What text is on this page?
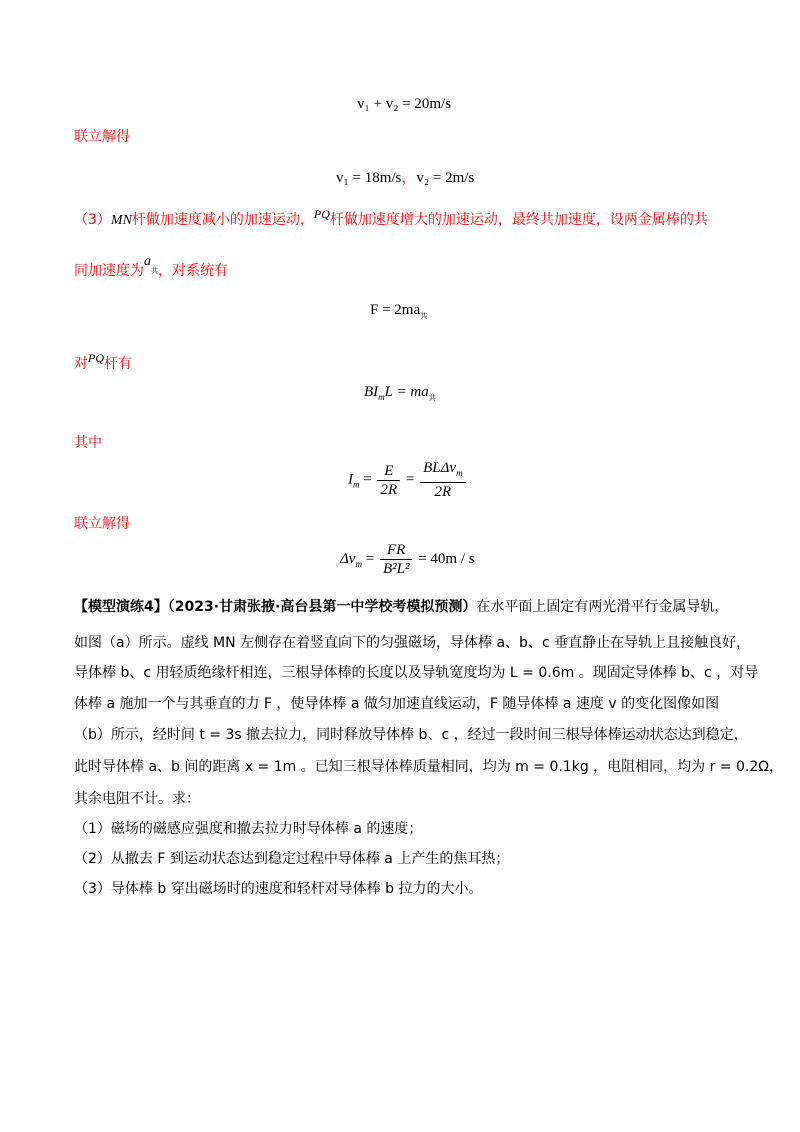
v₁ + v₂ = 20m/s
联立解得
v₁ = 18m/s，v₂ = 2m/s
（3）MN杆做加速度减小的加速运动，PQ杆做加速度增大的加速运动，最终共加速度，设两金属棒的共
同加速度为$a_共$，对系统有
$F = 2ma_共$
对PQ杆有
$BI_mL = ma_共$
其中
$I_m = \frac{E}{2R} = \frac{BL\Delta v_m}{2R}$
联立解得
$\Delta v_m = \frac{FR}{\text{B²L²}} = 40m / s$
【模型演练4】（2023·甘肃张掖·高台县第一中学校考模拟预测）在水平面上固定有两光滑平行金属导轨，
如图（a）所示。虚线 MN 左侧存在着竖直向下的匀强磁场，导体棒 a、b、c 垂直静止在导轨上且接触良好，
导体棒 b、c 用轻质绝缘杆相连，三根导体棒的长度以及导轨宽度均为 L = 0.6m 。现固定导体棒 b、c ，对导
体棒 a 施加一个与其垂直的力 F ，使导体棒 a 做匀加速直线运动，F 随导体棒 a 速度 v 的变化图像如图
（b）所示，经时间 t = 3s 撤去拉力，同时释放导体棒 b、c ，经过一段时间三根导体棒运动状态达到稳定，
此时导体棒 a、b 间的距离 x = 1m 。已知三根导体棒质量相同，均为 m = 0.1kg ，电阻相同，均为 r = 0.2Ω，
其余电阻不计。求：
（1）磁场的磁感应强度和撤去拉力时导体棒 a 的速度；
（2）从撤去 F 到运动状态达到稳定过程中导体棒 a 上产生的焦耳热；
（3）导体棒 b 穿出磁场时的速度和轻杆对导体棒 b 拉力的大小。
